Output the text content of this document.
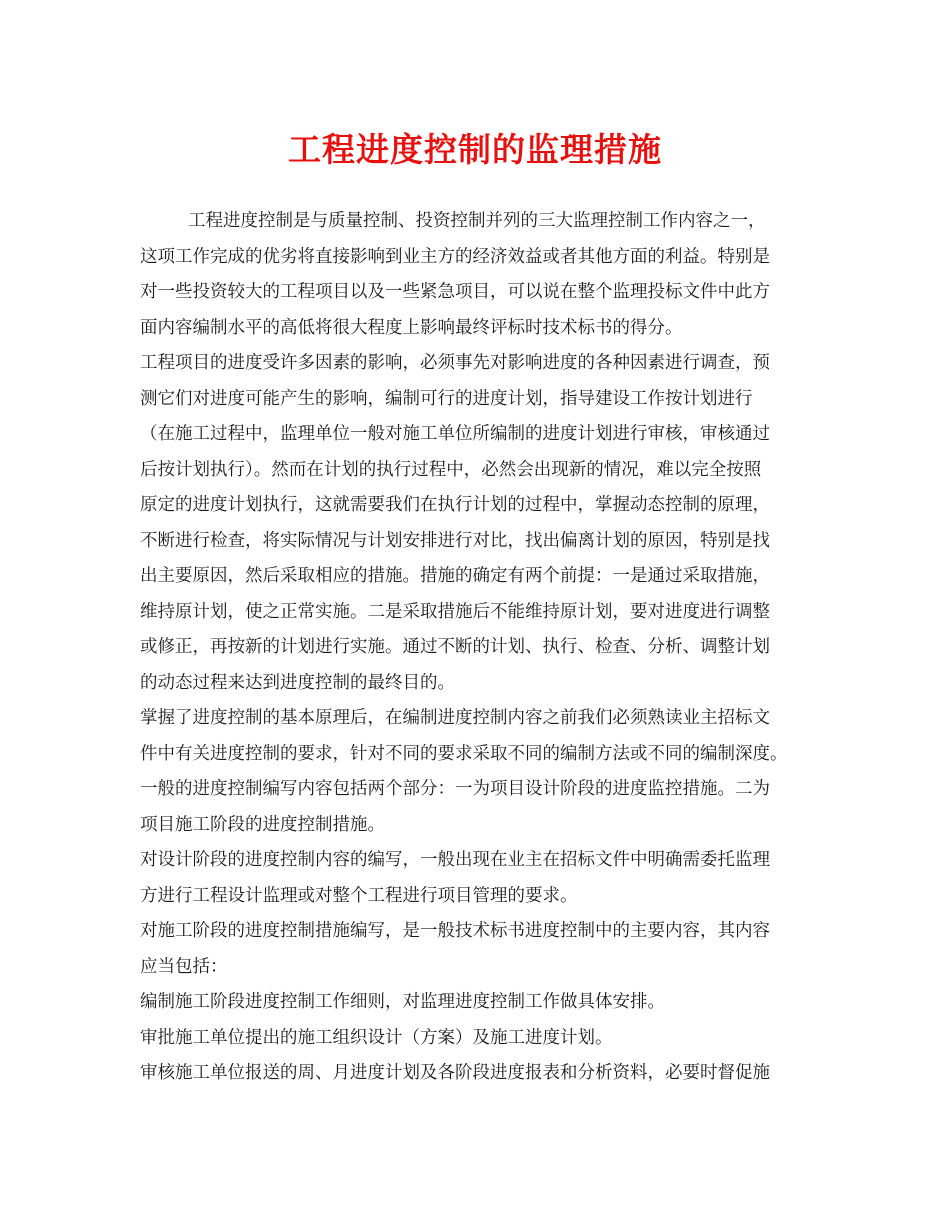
工程进度控制的监理措施
工程进度控制是与质量控制、投资控制并列的三大监理控制工作内容之一，
这项工作完成的优劣将直接影响到业主方的经济效益或者其他方面的利益。特别是
对一些投资较大的工程项目以及一些紧急项目，可以说在整个监理投标文件中此方
面内容编制水平的高低将很大程度上影响最终评标时技术标书的得分。
工程项目的进度受许多因素的影响，必须事先对影响进度的各种因素进行调查，预
测它们对进度可能产生的影响，编制可行的进度计划，指导建设工作按计划进行
（在施工过程中，监理单位一般对施工单位所编制的进度计划进行审核，审核通过
后按计划执行）。然而在计划的执行过程中，必然会出现新的情况，难以完全按照
原定的进度计划执行，这就需要我们在执行计划的过程中，掌握动态控制的原理，
不断进行检查，将实际情况与计划安排进行对比，找出偏离计划的原因，特别是找
出主要原因，然后采取相应的措施。措施的确定有两个前提：一是通过采取措施，
维持原计划，使之正常实施。二是采取措施后不能维持原计划，要对进度进行调整
或修正，再按新的计划进行实施。通过不断的计划、执行、检查、分析、调整计划
的动态过程来达到进度控制的最终目的。
掌握了进度控制的基本原理后，在编制进度控制内容之前我们必须熟读业主招标文
件中有关进度控制的要求，针对不同的要求采取不同的编制方法或不同的编制深度。
一般的进度控制编写内容包括两个部分：一为项目设计阶段的进度监控措施。二为
项目施工阶段的进度控制措施。
对设计阶段的进度控制内容的编写，一般出现在业主在招标文件中明确需委托监理
方进行工程设计监理或对整个工程进行项目管理的要求。
对施工阶段的进度控制措施编写，是一般技术标书进度控制中的主要内容，其内容
应当包括：
编制施工阶段进度控制工作细则，对监理进度控制工作做具体安排。
审批施工单位提出的施工组织设计（方案）及施工进度计划。
审核施工单位报送的周、月进度计划及各阶段进度报表和分析资料，必要时督促施
